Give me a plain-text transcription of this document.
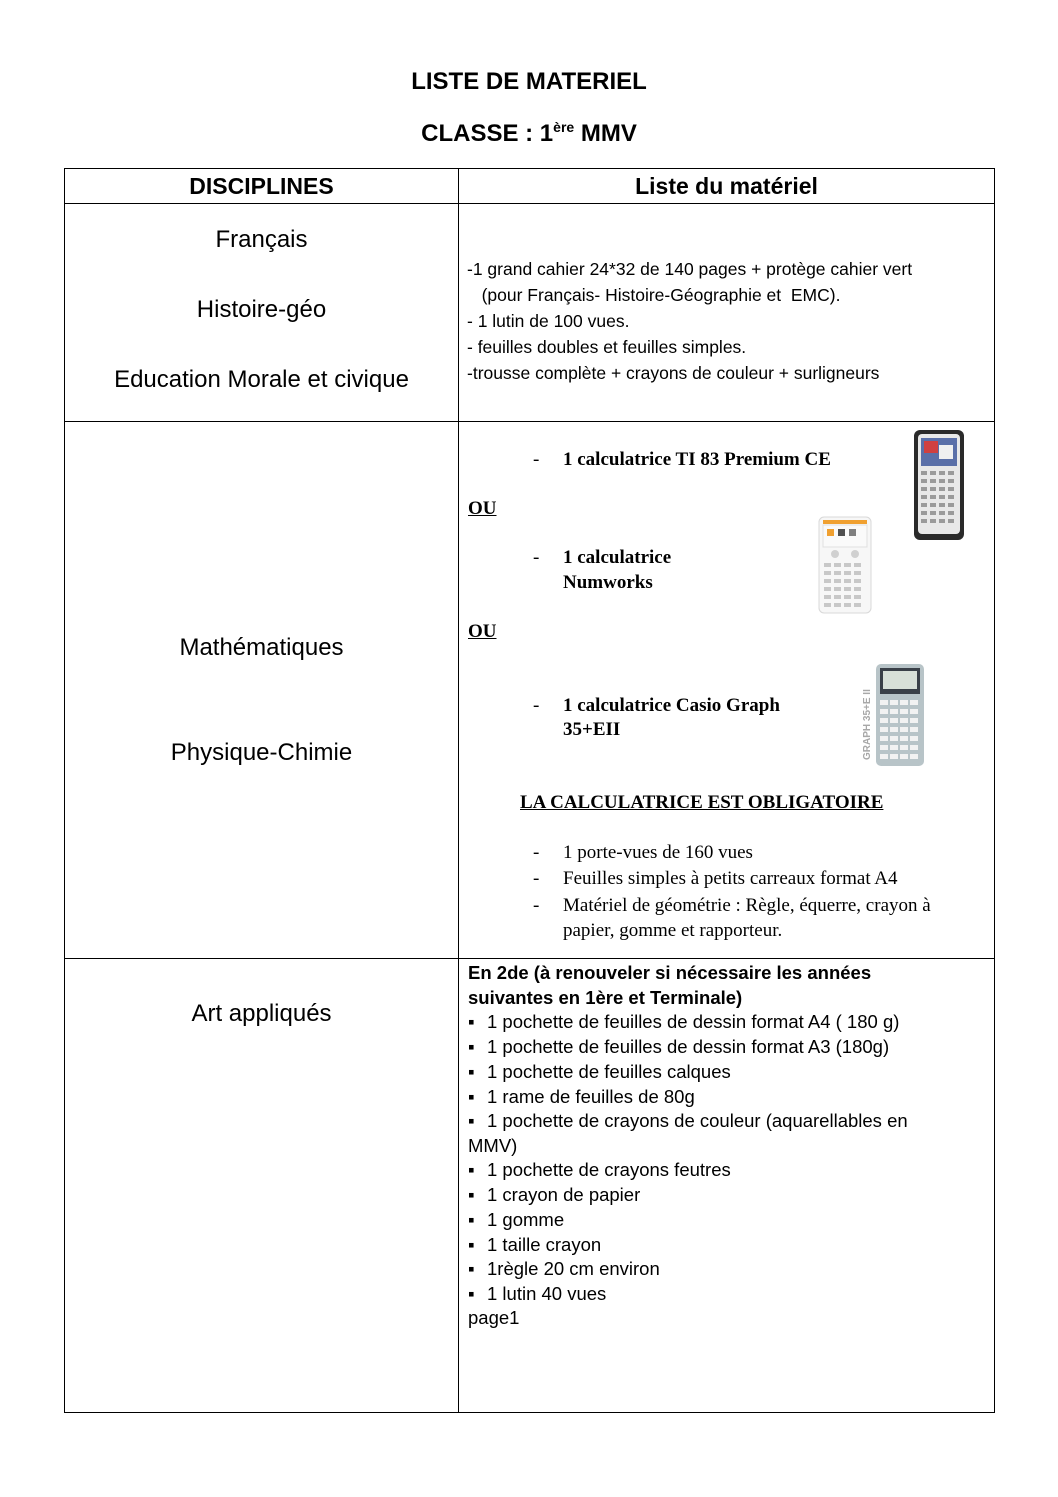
LISTE DE MATERIEL
CLASSE : 1ère MMV
DISCIPLINES	Liste du matériel
Français
Histoire-géo
Education Morale et civique
-1 grand cahier 24*32 de 140 pages + protège cahier vert
(pour Français- Histoire-Géographie et  EMC).
- 1 lutin de 100 vues.
- feuilles doubles et feuilles simples.
-trousse complète + crayons de couleur + surligneurs
Mathématiques
Physique-Chimie
- 1 calculatrice TI 83 Premium CE
OU
- 1 calculatrice
Numworks
OU
- 1 calculatrice Casio Graph
35+EII
LA CALCULATRICE EST OBLIGATOIRE
- 1 porte-vues de 160 vues
- Feuilles simples à petits carreaux format A4
- Matériel de géométrie : Règle, équerre, crayon à
papier, gomme et rapporteur.
GRAPH 35+E II
Art appliqués
En 2de (à renouveler si nécessaire les années
suivantes en 1ère et Terminale)
▪ 1 pochette de feuilles de dessin format A4 ( 180 g)
▪ 1 pochette de feuilles de dessin format A3 (180g)
▪ 1 pochette de feuilles calques
▪ 1 rame de feuilles de 80g
▪ 1 pochette de crayons de couleur (aquarellables en
MMV)
▪ 1 pochette de crayons feutres
▪ 1 crayon de papier
▪ 1 gomme
▪ 1 taille crayon
▪ 1règle 20 cm environ
▪ 1 lutin 40 vues
page1
